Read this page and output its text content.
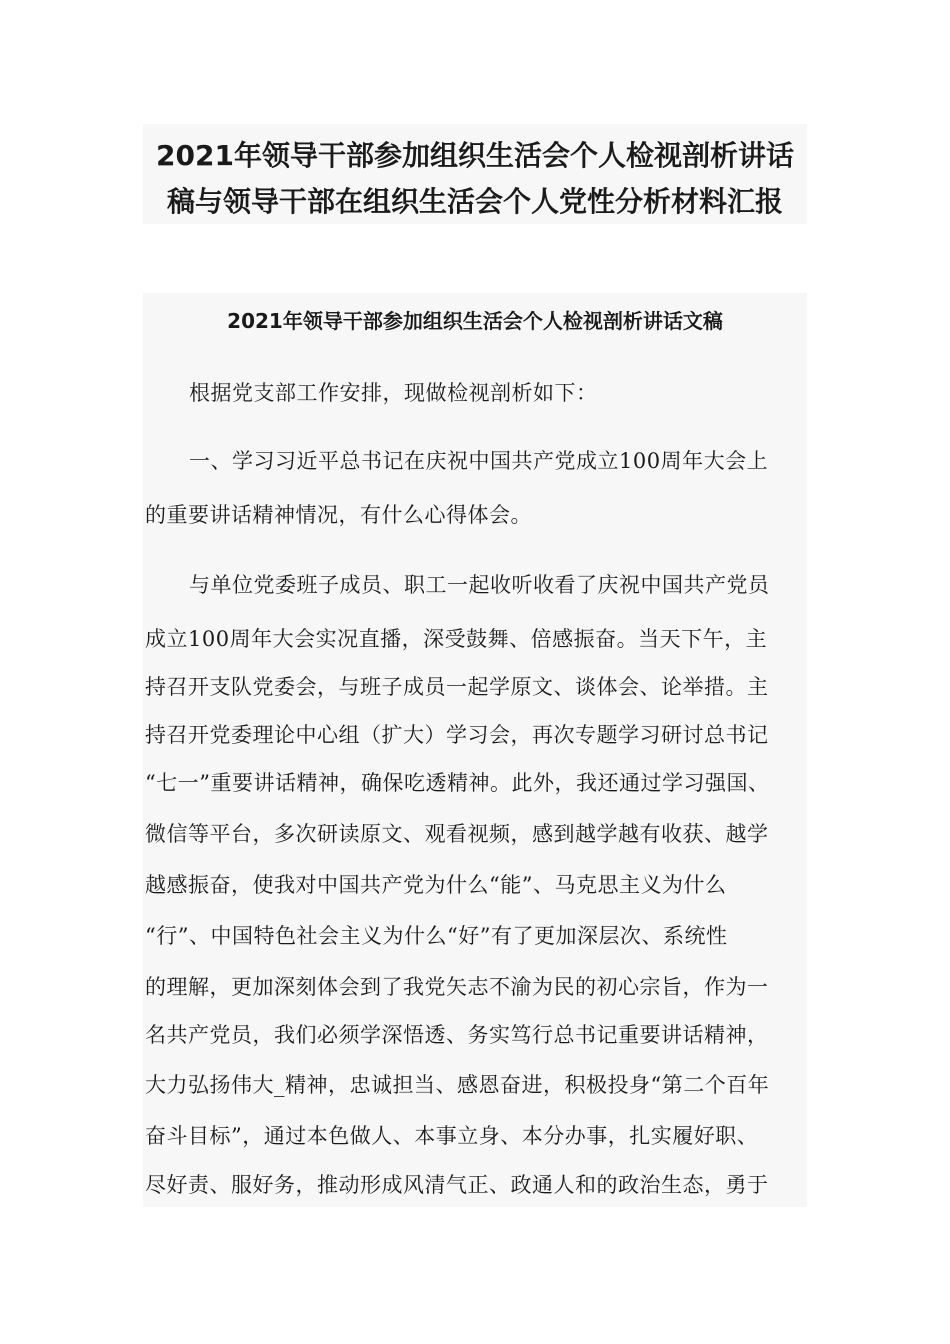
2021年领导干部参加组织生活会个人检视剖析讲话
稿与领导干部在组织生活会个人党性分析材料汇报
2021年领导干部参加组织生活会个人检视剖析讲话文稿
根据党支部工作安排，现做检视剖析如下：
一、学习习近平总书记在庆祝中国共产党成立100周年大会上
的重要讲话精神情况，有什么心得体会。
与单位党委班子成员、职工一起收听收看了庆祝中国共产党员
成立100周年大会实况直播，深受鼓舞、倍感振奋。当天下午，主
持召开支队党委会，与班子成员一起学原文、谈体会、论举措。主
持召开党委理论中心组（扩大）学习会，再次专题学习研讨总书记
“七一”重要讲话精神，确保吃透精神。此外，我还通过学习强国、
微信等平台，多次研读原文、观看视频，感到越学越有收获、越学
越感振奋，使我对中国共产党为什么“能”、马克思主义为什么
“行”、中国特色社会主义为什么“好”有了更加深层次、系统性
的理解，更加深刻体会到了我党矢志不渝为民的初心宗旨，作为一
名共产党员，我们必须学深悟透、务实笃行总书记重要讲话精神，
大力弘扬伟大_精神，忠诚担当、感恩奋进，积极投身“第二个百年
奋斗目标”，通过本色做人、本事立身、本分办事，扎实履好职、
尽好责、服好务，推动形成风清气正、政通人和的政治生态，勇于
